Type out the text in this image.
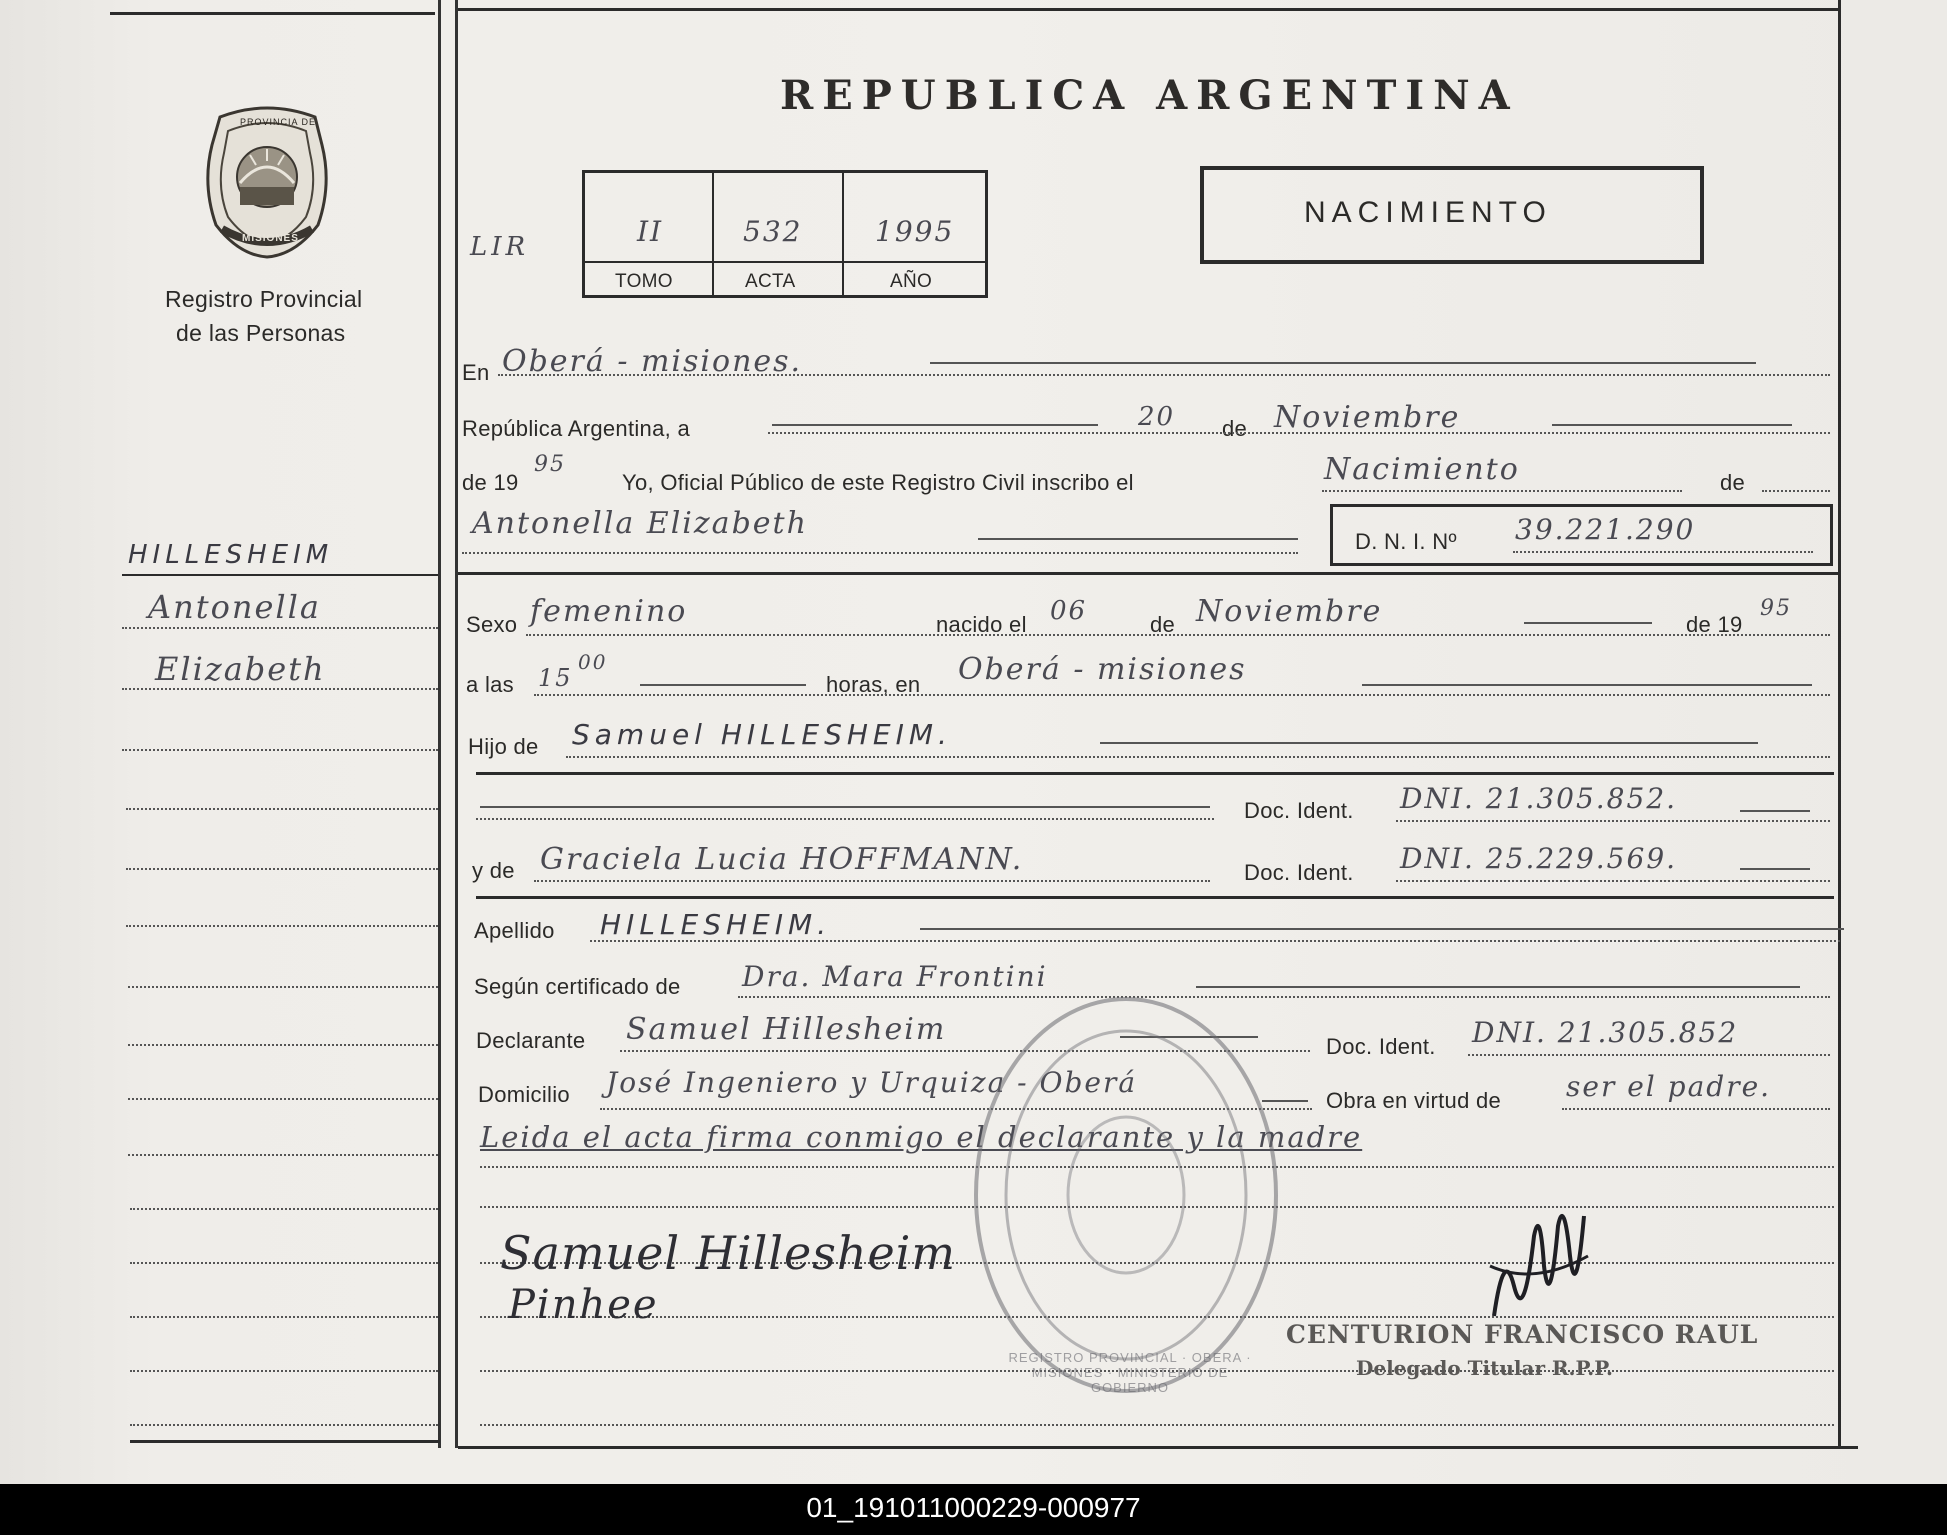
PROVINCIA DE
MISIONES
Registro Provincial
de las Personas
HILLESHEIM
Antonella
Elizabeth
REPUBLICA ARGENTINA
LIR	II	532	1995
TOMO	ACTA	AÑO
NACIMIENTO
En Oberá - misiones.
República Argentina, a	20 de Noviembre
de 19
95
Yo, Oficial Público de este Registro Civil inscribo el	Nacimiento	de
Antonella Elizabeth
D. N. I. Nº 39.221.290
Sexo femenino	nacido el 06	de Noviembre	de 19
95
a las 15
00
horas, en Oberá - misiones
Hijo de Samuel HILLESHEIM.
Doc. Ident. DNI. 21.305.852.
y de Graciela Lucia HOFFMANN.	Doc. Ident. DNI. 25.229.569.
Apellido HILLESHEIM.
Según certificado de Dra. Mara Frontini
Declarante Samuel Hillesheim	Doc. Ident. DNI. 21.305.852
Domicilio José Ingeniero y Urquiza - Oberá
Obra en virtud de ser el padre.
Leida el acta firma conmigo el declarante y la madre
REGISTRO PROVINCIAL · OBERA · MISIONES · MINISTERIO DE GOBIERNO
Samuel Hillesheim
Pinhee
CENTURION FRANCISCO RAUL
Delegado Titular R.P.P.
01_191011000229-000977
